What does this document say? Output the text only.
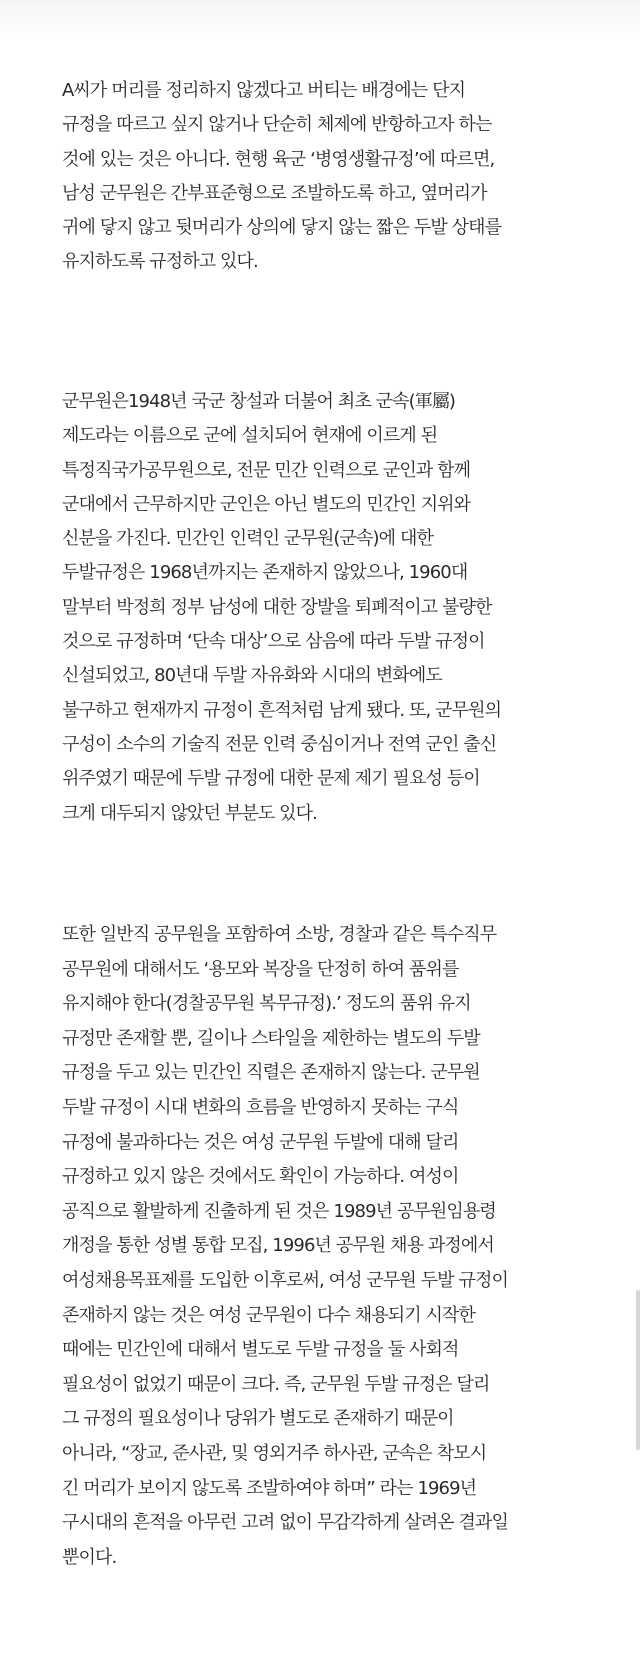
A씨가 머리를 정리하지 않겠다고 버티는 배경에는 단지
규정을 따르고 싶지 않거나 단순히 체제에 반항하고자 하는
것에 있는 것은 아니다. 현행 육군 ‘병영생활규정’에 따르면,
남성 군무원은 간부표준형으로 조발하도록 하고, 옆머리가
귀에 닿지 않고 뒷머리가 상의에 닿지 않는 짧은 두발 상태를
유지하도록 규정하고 있다.
군무원은1948년 국군 창설과 더불어 최초 군속(軍屬)
제도라는 이름으로 군에 설치되어 현재에 이르게 된
특정직국가공무원으로, 전문 민간 인력으로 군인과 함께
군대에서 근무하지만 군인은 아닌 별도의 민간인 지위와
신분을 가진다. 민간인 인력인 군무원(군속)에 대한
두발규정은 1968년까지는 존재하지 않았으나, 1960대
말부터 박정희 정부 남성에 대한 장발을 퇴폐적이고 불량한
것으로 규정하며 ‘단속 대상’으로 삼음에 따라 두발 규정이
신설되었고, 80년대 두발 자유화와 시대의 변화에도
불구하고 현재까지 규정이 흔적처럼 남게 됐다. 또, 군무원의
구성이 소수의 기술직 전문 인력 중심이거나 전역 군인 출신
위주였기 때문에 두발 규정에 대한 문제 제기 필요성 등이
크게 대두되지 않았던 부분도 있다.
또한 일반직 공무원을 포함하여 소방, 경찰과 같은 특수직무
공무원에 대해서도 ‘용모와 복장을 단정히 하여 품위를
유지해야 한다(경찰공무원 복무규정).’ 정도의 품위 유지
규정만 존재할 뿐, 길이나 스타일을 제한하는 별도의 두발
규정을 두고 있는 민간인 직렬은 존재하지 않는다. 군무원
두발 규정이 시대 변화의 흐름을 반영하지 못하는 구식
규정에 불과하다는 것은 여성 군무원 두발에 대해 달리
규정하고 있지 않은 것에서도 확인이 가능하다. 여성이
공직으로 활발하게 진출하게 된 것은 1989년 공무원임용령
개정을 통한 성별 통합 모집, 1996년 공무원 채용 과정에서
여성채용목표제를 도입한 이후로써, 여성 군무원 두발 규정이
존재하지 않는 것은 여성 군무원이 다수 채용되기 시작한
때에는 민간인에 대해서 별도로 두발 규정을 둘 사회적
필요성이 없었기 때문이 크다. 즉, 군무원 두발 규정은 달리
그 규정의 필요성이나 당위가 별도로 존재하기 때문이
아니라, “장교, 준사관, 및 영외거주 하사관, 군속은 착모시
긴 머리가 보이지 않도록 조발하여야 하며” 라는 1969년
구시대의 흔적을 아무런 고려 없이 무감각하게 살려온 결과일
뿐이다.
